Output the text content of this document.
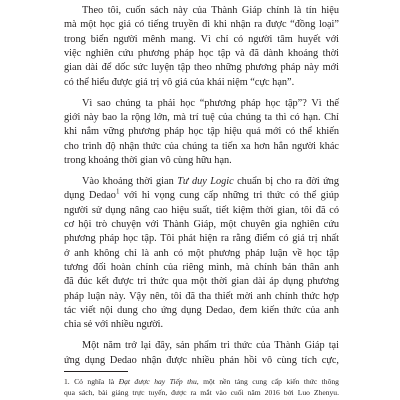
Theo tôi, cuốn sách này của Thành Giáp chính là tín hiệu
mà một học giả có tiếng truyền đi khi nhận ra được “đồng loại”
trong biển người mênh mang. Vì chỉ có người tâm huyết với
việc nghiên cứu phương pháp học tập và đã dành khoảng thời
gian dài để dốc sức luyện tập theo những phương pháp này mới
có thể hiểu được giá trị vô giá của khái niệm “cực hạn”.
Vì sao chúng ta phải học “phương pháp học tập”? Vì thế
giới này bao la rộng lớn, mà trí tuệ của chúng ta thì có hạn. Chỉ
khi nắm vững phương pháp học tập hiệu quả mới có thể khiến
cho trình độ nhận thức của chúng ta tiến xa hơn hẳn người khác
trong khoảng thời gian vô cùng hữu hạn.
Vào khoảng thời gian Tư duy Logic chuẩn bị cho ra đời ứng
dụng Dedao$^1$ với hi vọng cung cấp những tri thức có thể giúp
người sử dụng nâng cao hiệu suất, tiết kiệm thời gian, tôi đã có
cơ hội trò chuyện với Thành Giáp, một chuyên gia nghiên cứu
phương pháp học tập. Tôi phát hiện ra rằng điểm có giá trị nhất
ở anh không chỉ là anh có một phương pháp luận về học tập
tương đối hoàn chỉnh của riêng mình, mà chính bản thân anh
đã đúc kết được tri thức qua một thời gian dài áp dụng phương
pháp luận này. Vậy nên, tôi đã tha thiết mời anh chính thức hợp
tác viết nội dung cho ứng dụng Dedao, đem kiến thức của anh
chia sẻ với nhiều người.
Một năm trở lại đây, sản phẩm tri thức của Thành Giáp tại
ứng dụng Dedao nhận được nhiều phản hồi vô cùng tích cực,
1. Có nghĩa là Đạt được hay Tiếp thu, một nền tảng cung cấp kiến thức thông
qua sách, bài giảng trực tuyến, được ra mắt vào cuối năm 2016 bởi Luo Zhenyu.
